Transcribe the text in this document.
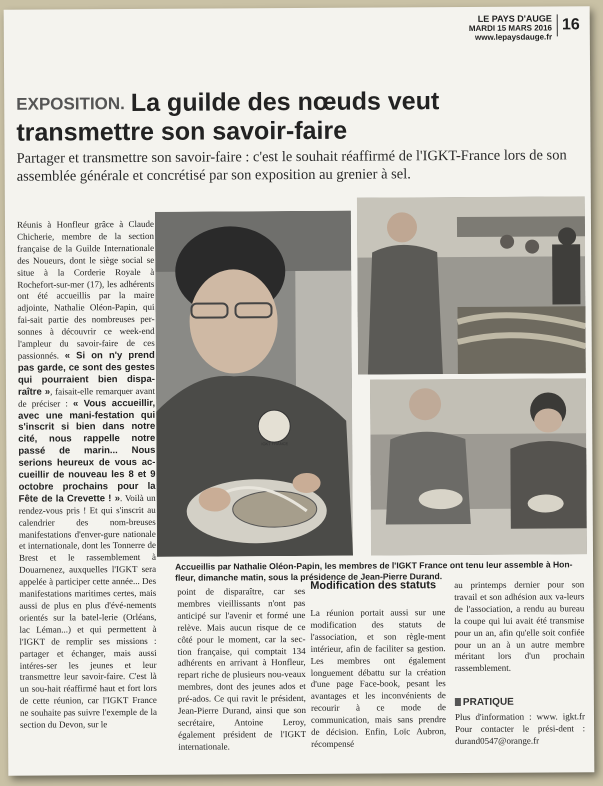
LE PAYS D'AUGE
MARDI 15 MARS 2016
www.lepaysdauge.fr
16
EXPOSITION. La guilde des nœuds veut transmettre son savoir-faire
Partager et transmettre son savoir-faire : c'est le souhait réaffirmé de l'IGKT-France lors de son assemblée générale et concrétisé par son exposition au grenier à sel.

Réunis à Honfleur grâce à Claude Chicherie, membre de la section française de la Guilde Internationale des Noueurs, dont le siège social se situe à la Corderie Royale à Rochefort-sur-mer (17), les adhérents ont été accueillis par la maire adjointe, Nathalie Oléon-Papin, qui fai-sait partie des nombreuses per-sonnes à découvrir ce week-end l'ampleur du savoir-faire de ces passionnés. « Si on n'y prend pas garde, ce sont des gestes qui pourraient bien dispa-raître », faisait-elle remarquer avant de préciser : « Vous accueillir, avec une mani-festation qui s'inscrit si bien dans notre cité, nous rappelle notre passé de marin... Nous serions heureux de vous ac-cueillir de nouveau les 8 et 9 octobre prochains pour la Fête de la Crevette ! ». Voilà un rendez-vous pris ! Et qui s'inscrit au calendrier des nom-breuses manifestations d'enver-gure nationale et internationale, dont les Tonnerre de Brest et le rassemblement à Douarnenez, auxquelles l'IGKT sera appelée à participer cette année... Des manifestations maritimes certes, mais aussi de plus en plus d'évé-nements orientés sur la batel-lerie (Orléans, lac Léman...) et qui permettent à l'IGKT de remplir ses missions : partager et échanger, mais aussi intéres-ser les jeunes et leur transmettre leur savoir-faire. C'est là un sou-hait réaffirmé haut et fort lors de cette réunion, car l'IGKT France ne souhaite pas suivre l'exemple de la section du Devon, sur le

IGKT FRANCE
Accueillis par Nathalie Oléon-Papin, les membres de l'IGKT France ont tenu leur assemble à Hon-fleur, dimanche matin, sous la présidence de Jean-Pierre Durand.

point de disparaître, car ses membres vieillissants n'ont pas anticipé sur l'avenir et formé une relève. Mais aucun risque de ce côté pour le moment, car la sec-tion française, qui comptait 134 adhérents en arrivant à Honfleur, repart riche de plusieurs nou-veaux membres, dont des jeunes ados et pré-ados. Ce qui ravit le président, Jean-Pierre Durand, ainsi que son secrétaire, Antoine Leroy, également président de l'IGKT internationale.

Modification des statuts

La réunion portait aussi sur une modification des statuts de l'association, et son règle-ment intérieur, afin de faciliter sa gestion. Les membres ont également longuement débattu sur la création d'une page Face-book, pesant les avantages et les inconvénients de recourir à ce mode de communication, mais sans prendre de décision. Enfin, Loïc Aubron, récompensé

au printemps dernier pour son travail et son adhésion aux va-leurs de l'association, a rendu au bureau la coupe qui lui avait été transmise pour un an, afin qu'elle soit confiée pour un an à un autre membre méritant lors d'un prochain rassemblement.

PRATIQUE

Plus d'information : www. igkt.fr Pour contacter le prési-dent : durand0547@orange.fr
